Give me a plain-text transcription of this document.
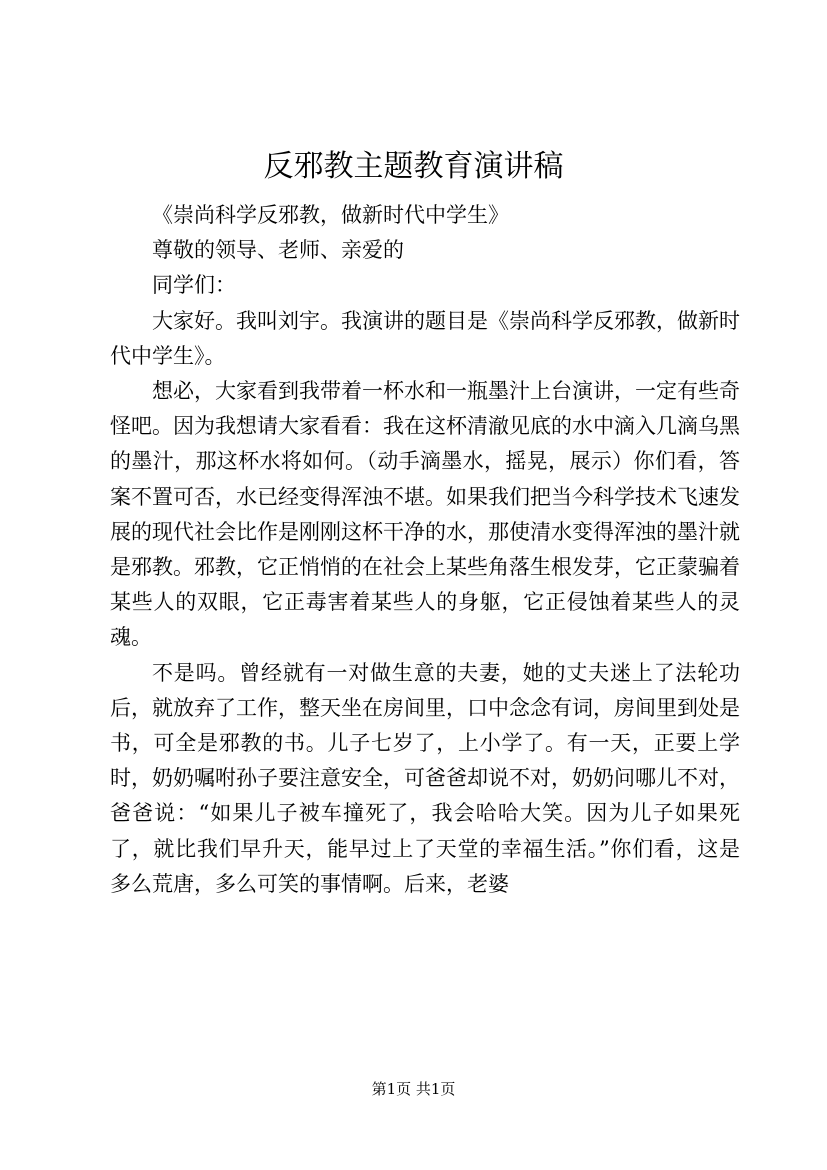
反邪教主题教育演讲稿

《崇尚科学反邪教，做新时代中学生》

尊敬的领导、老师、亲爱的

同学们：

大家好。我叫刘宇。我演讲的题目是《崇尚科学反邪教，做新时代中学生》。

想必，大家看到我带着一杯水和一瓶墨汁上台演讲，一定有些奇怪吧。因为我想请大家看看：我在这杯清澈见底的水中滴入几滴乌黑的墨汁，那这杯水将如何。（动手滴墨水，摇晃，展示）你们看，答案不置可否，水已经变得浑浊不堪。如果我们把当今科学技术飞速发展的现代社会比作是刚刚这杯干净的水，那使清水变得浑浊的墨汁就是邪教。邪教，它正悄悄的在社会上某些角落生根发芽，它正蒙骗着某些人的双眼，它正毒害着某些人的身躯，它正侵蚀着某些人的灵魂。

不是吗。曾经就有一对做生意的夫妻，她的丈夫迷上了法轮功后，就放弃了工作，整天坐在房间里，口中念念有词，房间里到处是书，可全是邪教的书。儿子七岁了，上小学了。有一天，正要上学时，奶奶嘱咐孙子要注意安全，可爸爸却说不对，奶奶问哪儿不对，爸爸说：“如果儿子被车撞死了，我会哈哈大笑。因为儿子如果死了，就比我们早升天，能早过上了天堂的幸福生活。”你们看，这是多么荒唐，多么可笑的事情啊。后来，老婆

第1页 共1页
